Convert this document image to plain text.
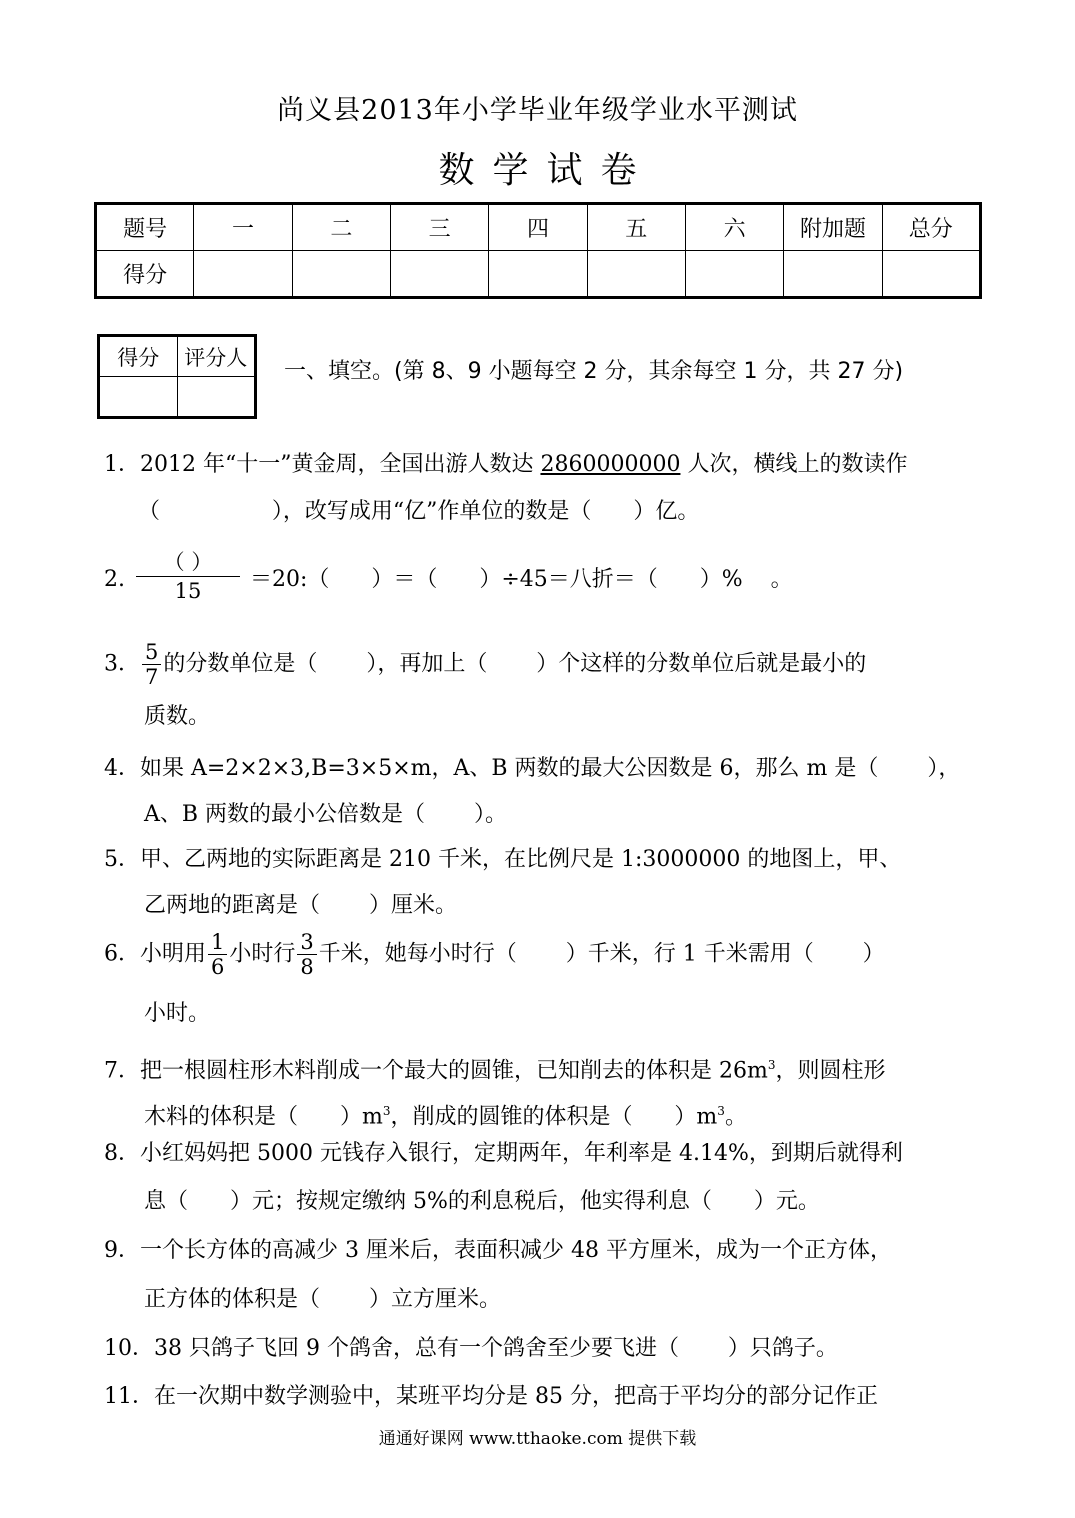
尚义县2013年小学毕业年级学业水平测试
数学试卷
题号	一	二	三	四	五	六	附加题	总分
得分								
得分	评分人

一、填空。(第 8、9 小题每空 2 分，其余每空 1 分，共 27 分)
1．2012 年“十一”黄金周，全国出游人数达 2860000000 人次，横线上的数读作
（                ），改写成用“亿”作单位的数是（      ）亿。
2.
（ ）
15	＝20:（      ）＝（      ）÷45＝八折＝（      ）%    。
3． $\frac{5}{7}$ 的分数单位是（       ），再加上（       ）个这样的分数单位后就是最小的
质数。
4．如果 A=2×2×3,B=3×5×m，A、B 两数的最大公因数是 6，那么 m 是（       ），
A、B 两数的最小公倍数是（       ）。
5．甲、乙两地的实际距离是 210 千米，在比例尺是 1:3000000 的地图上，甲、
乙两地的距离是（       ）厘米。
6．小明用 $\frac{1}{6}$ 小时行 $\frac{3}{8}$ 千米，她每小时行（       ）千米，行 1 千米需用（       ）
小时。
7．把一根圆柱形木料削成一个最大的圆锥，已知削去的体积是 $26m^3$，则圆柱形
木料的体积是（      ）$m^3$，削成的圆锥的体积是（      ）$m^3$。
8．小红妈妈把 5000 元钱存入银行，定期两年，年利率是 4.14%，到期后就得利
息（      ）元；按规定缴纳 5%的利息税后，他实得利息（      ）元。
9．一个长方体的高减少 3 厘米后，表面积减少 48 平方厘米，成为一个正方体，
正方体的体积是（       ）立方厘米。
10．38 只鸽子飞回 9 个鸽舍，总有一个鸽舍至少要飞进（       ）只鸽子。
11．在一次期中数学测验中，某班平均分是 85 分，把高于平均分的部分记作正
通通好课网 www.tthaoke.com 提供下载
